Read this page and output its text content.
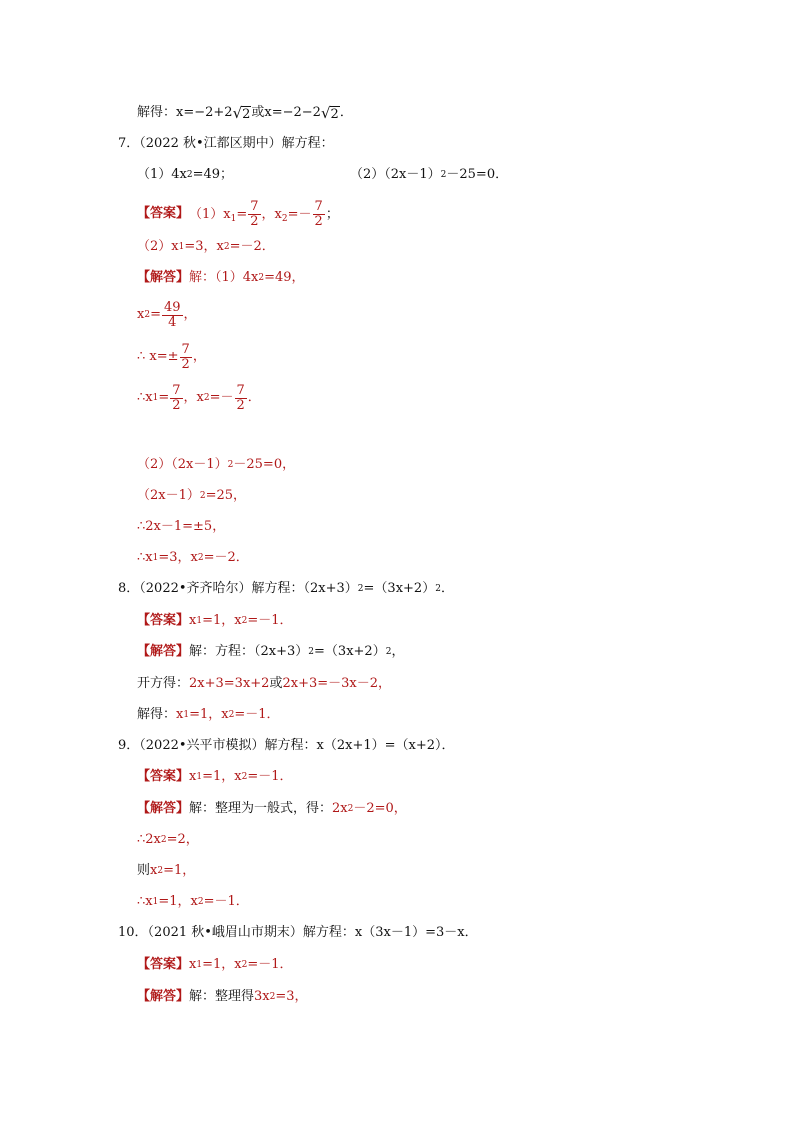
解得：x=−2+2 √ 2 或x=−2−2 √ 2 ．
7．（2022 秋•江都区期中）解方程：
（1）4x 2 =49；	（2）（2x－1） 2 －25=0．
【答案】 $(1)x_1= \frac{7}{2}$ ，$x_2=- \frac{7}{2}$ ；
（2）x 1 =3，x 2 =－2．
【解答】 解：（1）4x 2 =49，
x $2 = \frac{49}{4}$ ，
∴ $x=\pm \frac{7}{2}$ ，
∴x $1 = \frac{7}{2}$ ，x $2 =- \frac{7}{2}$ ．
（2）（2x－1） 2 －25=0，
（2x－1） 2 =25，
∴2x－1=±5，
∴x 1 =3，x 2 =－2．
8．（2022•齐齐哈尔）解方程：（2x+3） 2 =（3x+2） 2 ．
【答案】 x 1 =1，x 2 =－1．
【解答】 解：方程：（2x+3） 2 =（3x+2） 2 ，
开方得： 2x+3=3x+2 或 2x+3=－3x－2，
解得： x 1 =1，x 2 =－1．
9．（2022•兴平市模拟）解方程：x（2x+1）=（x+2）．
【答案】 x 1 =1，x 2 =－1．
【解答】 解：整理为一般式，得： 2x 2 －2=0，
∴2x 2 =2，
则 x 2 =1，
∴x 1 =1，x 2 =－1．
10．（2021 秋•峨眉山市期末）解方程：x（3x－1）=3－x．
【答案】 x 1 =1，x 2 =－1．
【解答】 解：整理得 3x 2 =3，
